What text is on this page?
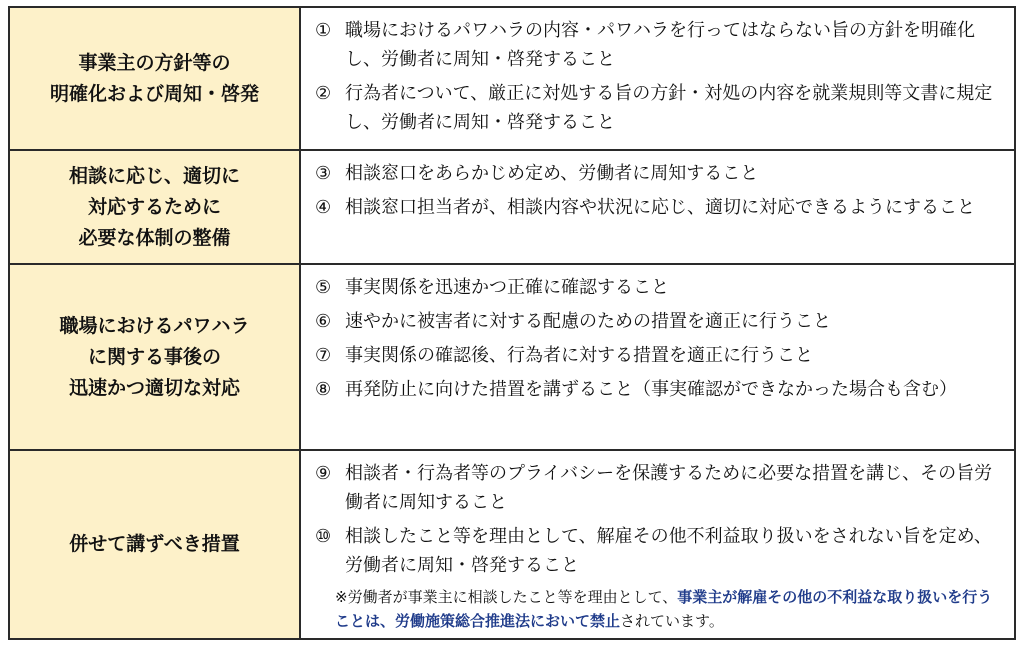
事業主の方針等の
明確化および周知・啓発
① 職場におけるパワハラの内容・パワハラを行ってはならない旨の方針を明確化し、労働者に周知・啓発すること
② 行為者について、厳正に対処する旨の方針・対処の内容を就業規則等文書に規定し、労働者に周知・啓発すること
相談に応じ、適切に
対応するために
必要な体制の整備
③ 相談窓口をあらかじめ定め、労働者に周知すること
④ 相談窓口担当者が、相談内容や状況に応じ、適切に対応できるようにすること
職場におけるパワハラ
に関する事後の
迅速かつ適切な対応
⑤ 事実関係を迅速かつ正確に確認すること
⑥ 速やかに被害者に対する配慮のための措置を適正に行うこと
⑦ 事実関係の確認後、行為者に対する措置を適正に行うこと
⑧ 再発防止に向けた措置を講ずること（事実確認ができなかった場合も含む）
併せて講ずべき措置
⑨ 相談者・行為者等のプライバシーを保護するために必要な措置を講じ、その旨労働者に周知すること
⑩ 相談したこと等を理由として、解雇その他不利益取り扱いをされない旨を定め、労働者に周知・啓発すること
※労働者が事業主に相談したこと等を理由として、事業主が解雇その他の不利益な取り扱いを行うことは、労働施策総合推進法において禁止されています。
